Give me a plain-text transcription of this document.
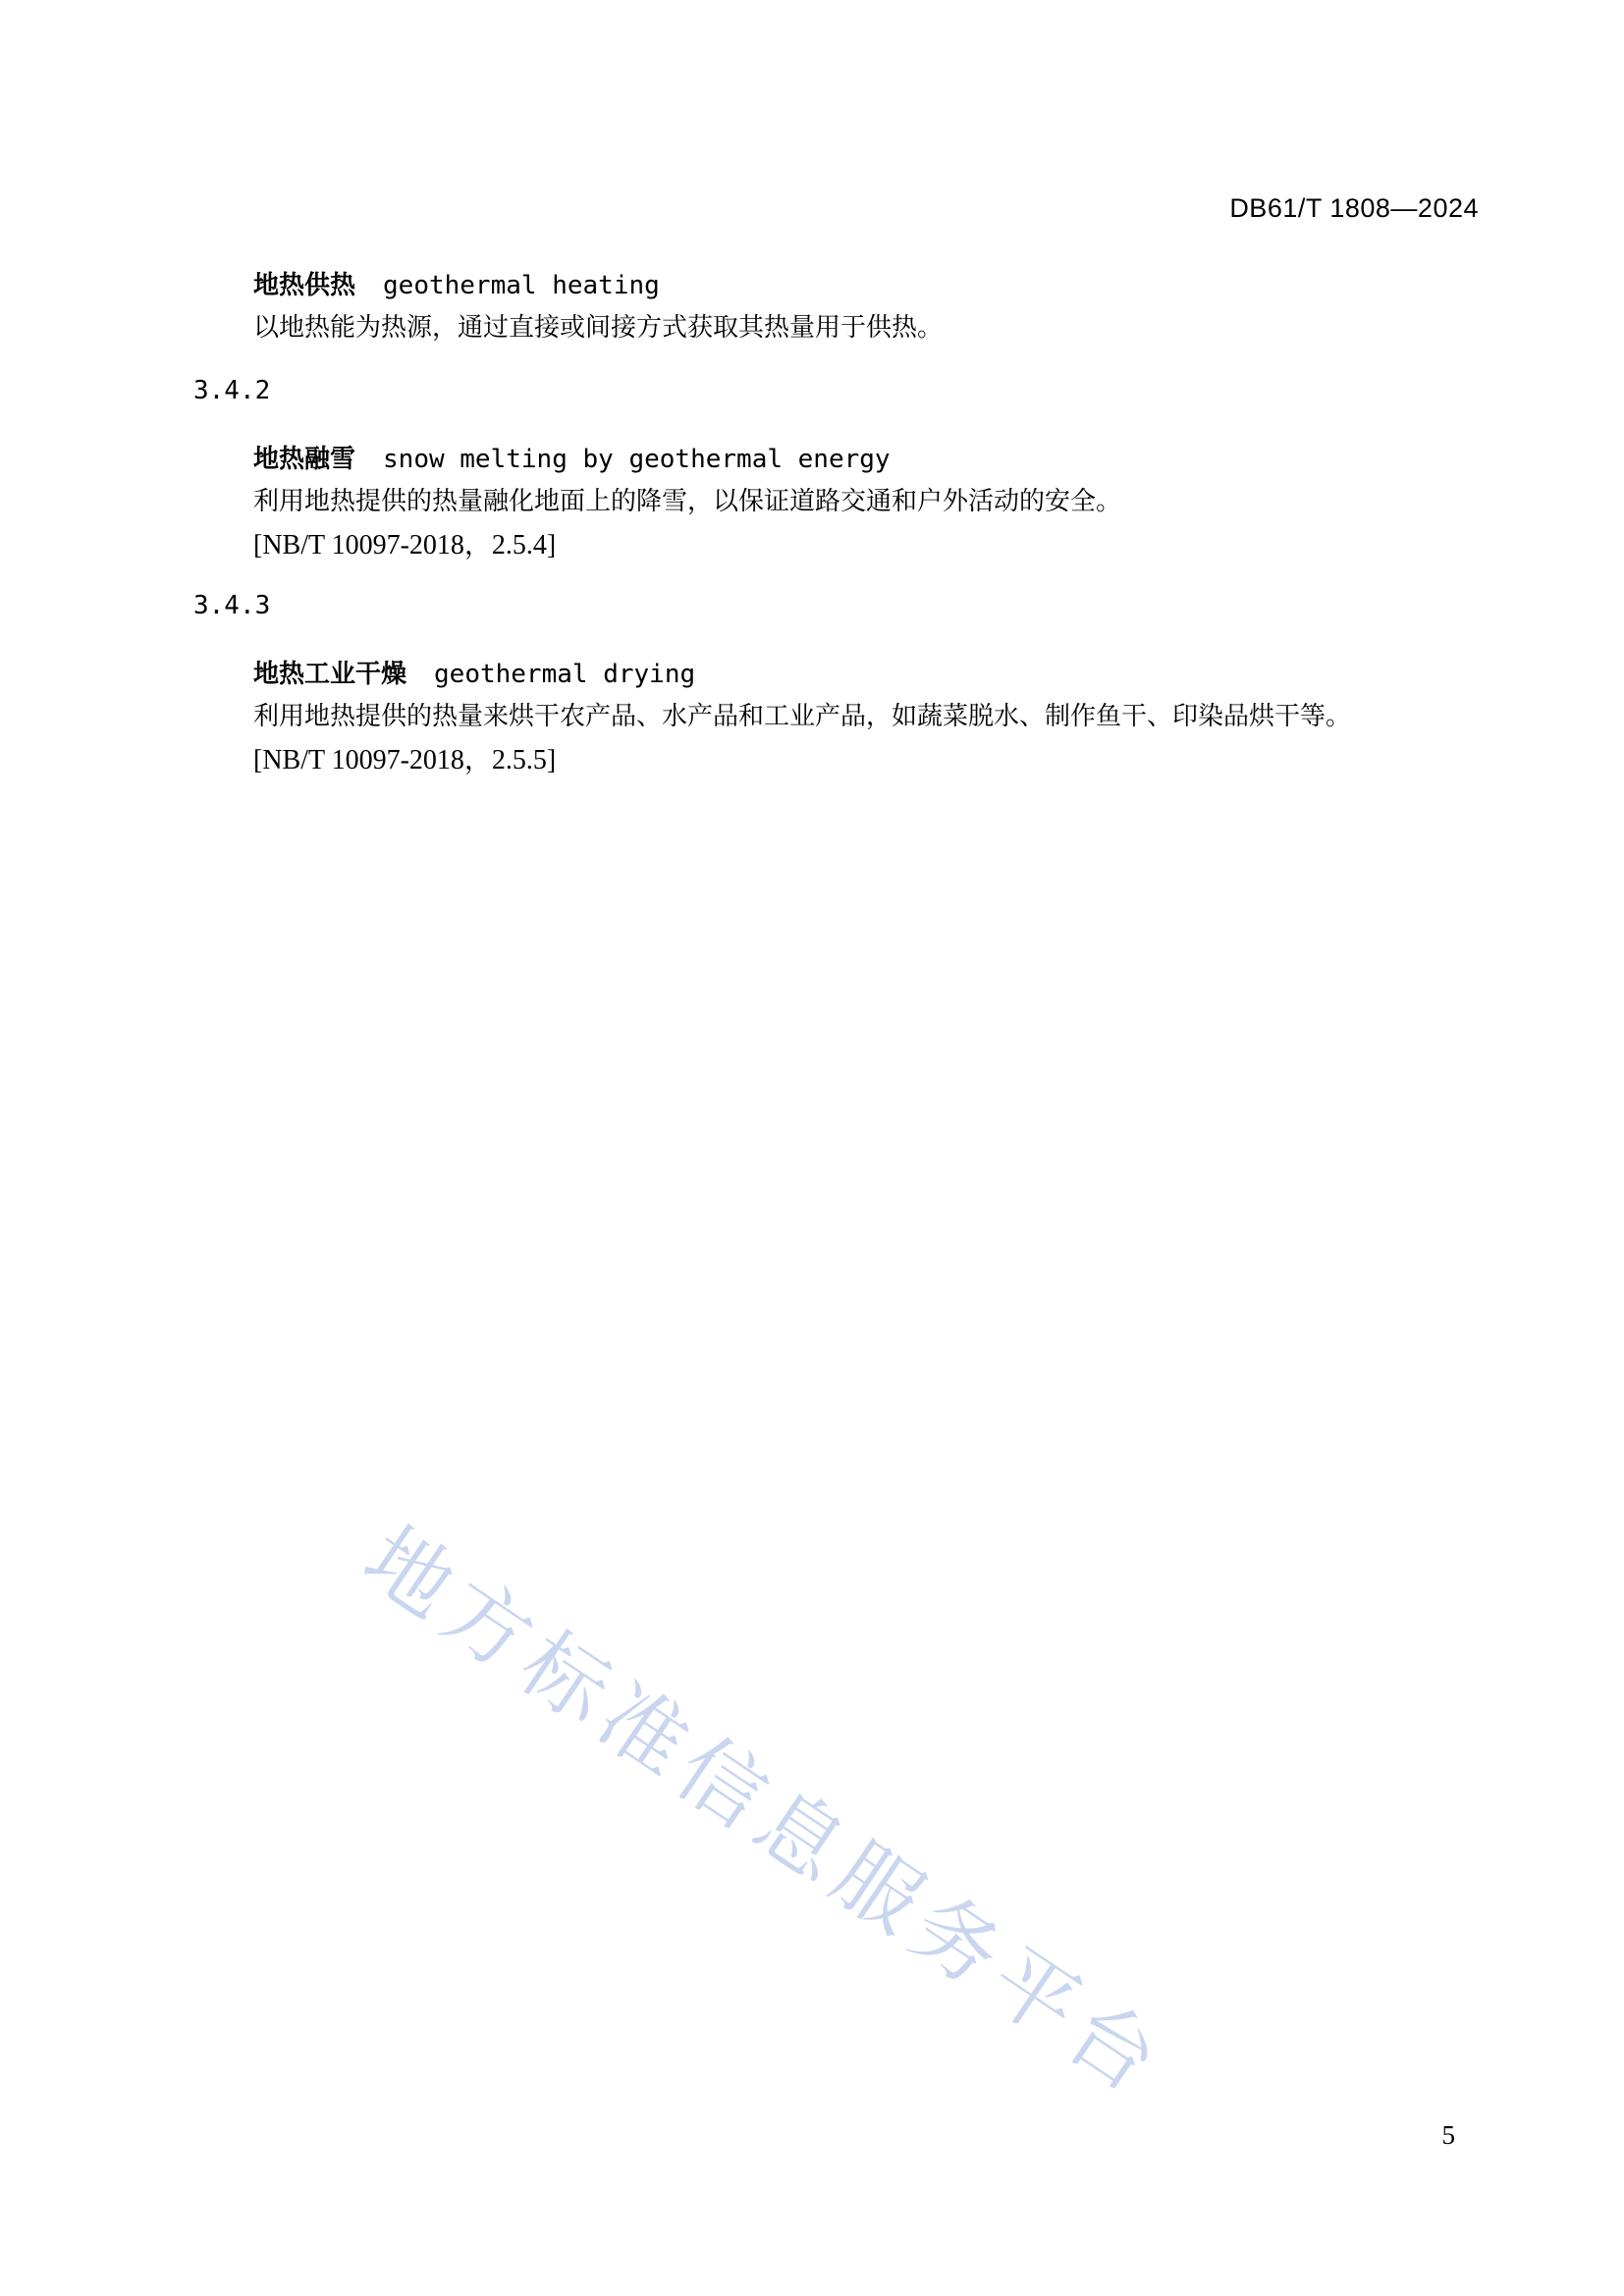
DB61/T 1808—2024
地热供热 geothermal heating
以地热能为热源，通过直接或间接方式获取其热量用于供热。
3.4.2
地热融雪 snow melting by geothermal energy
利用地热提供的热量融化地面上的降雪，以保证道路交通和户外活动的安全。
[NB/T 10097-2018，2.5.4]
3.4.3
地热工业干燥 geothermal drying
利用地热提供的热量来烘干农产品、水产品和工业产品，如蔬菜脱水、制作鱼干、印染品烘干等。
[NB/T 10097-2018，2.5.5]
地方标准信息服务平台
5
